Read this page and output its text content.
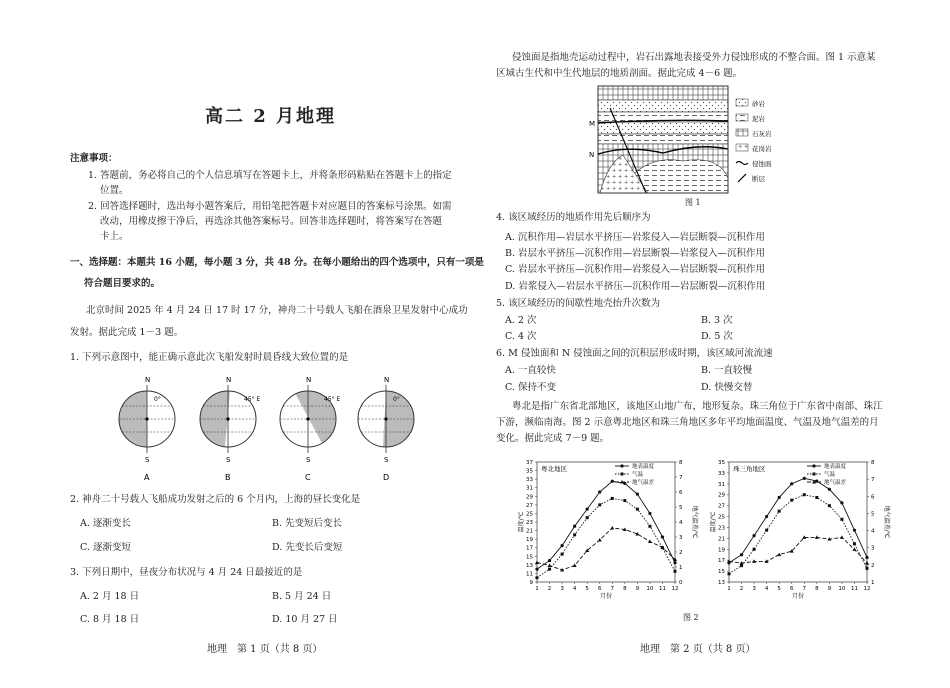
高二 2 月地理
注意事项：
1. 答题前，务必将自己的个人信息填写在答题卡上，并将条形码粘贴在答题卡上的指定
位置。
2. 回答选择题时，选出每小题答案后，用铅笔把答题卡对应题目的答案标号涂黑。如需
改动，用橡皮擦干净后，再选涂其他答案标号。回答非选择题时，将答案写在答题
卡上。
一、选择题：本题共 16 小题，每小题 3 分，共 48 分。在每小题给出的四个选项中，只有一项是
符合题目要求的。
北京时间 2025 年 4 月 24 日 17 时 17 分，神舟二十号载人飞船在酒泉卫星发射中心成功
发射。据此完成 1－3 题。
1. 下列示意图中，能正确示意此次飞船发射时晨昏线大致位置的是
N
S
0°
N
S
45° E
N
S
45° E
N
S
0°
A	B	C	D
2. 神舟二十号载人飞船成功发射之后的 6 个月内，上海的昼长变化是
A. 逐渐变长	B. 先变短后变长
C. 逐渐变短	D. 先变长后变短
3. 下列日期中，昼夜分布状况与 4 月 24 日最接近的是
A. 2 月 18 日	B. 5 月 24 日
C. 8 月 18 日	D. 10 月 27 日
地理　第 1 页（共 8 页）
侵蚀面是指地壳运动过程中，岩石出露地表接受外力侵蚀形成的不整合面。图 1 示意某
区域古生代和中生代地层的地质剖面。据此完成 4－6 题。
M
N
砂岩
泥岩
石灰岩
花岗岩
侵蚀面
断层
图 1
4. 该区域经历的地质作用先后顺序为
A. 沉积作用—岩层水平挤压—岩浆侵入—岩层断裂—沉积作用
B. 岩层水平挤压—沉积作用—岩层断裂—岩浆侵入—沉积作用
C. 岩层水平挤压—沉积作用—岩浆侵入—岩层断裂—沉积作用
D. 岩浆侵入—岩层水平挤压—沉积作用—岩层断裂—沉积作用
5. 该区域经历的间歇性地壳抬升次数为
A. 2 次	B. 3 次
C. 4 次	D. 5 次
6. M 侵蚀面和 N 侵蚀面之间的沉积层形成时期，该区域河流流速
A. 一直较快	B. 一直较慢
C. 保持不变	D. 快慢交替
粤北是指广东省北部地区，该地区山地广布，地形复杂。珠三角位于广东省中南部、珠江
下游，濒临南海。图 2 示意粤北地区和珠三角地区多年平均地面温度、气温及地气温差的月
变化。据此完成 7－9 题。
9
11
13
15
17
19
21
23
25
27
29
31
33
35
37
0
1
2
3
4
5
6
7
8
1 2 3 4 5 6 7 8 9 10 11 12
月份
温度/℃	地气温差/℃
粤北地区	地表温度
气温
地气温差
13
15
17
19
21
23
25
27
29
31
33
35
1
2
3
4
5
6
7
8
1 2 3 4 5 6 7 8 9 10 11 12
月份
温度/℃	地气温差/℃
珠三角地区	地表温度
气温
地气温差
图 2
地理　第 2 页（共 8 页）
